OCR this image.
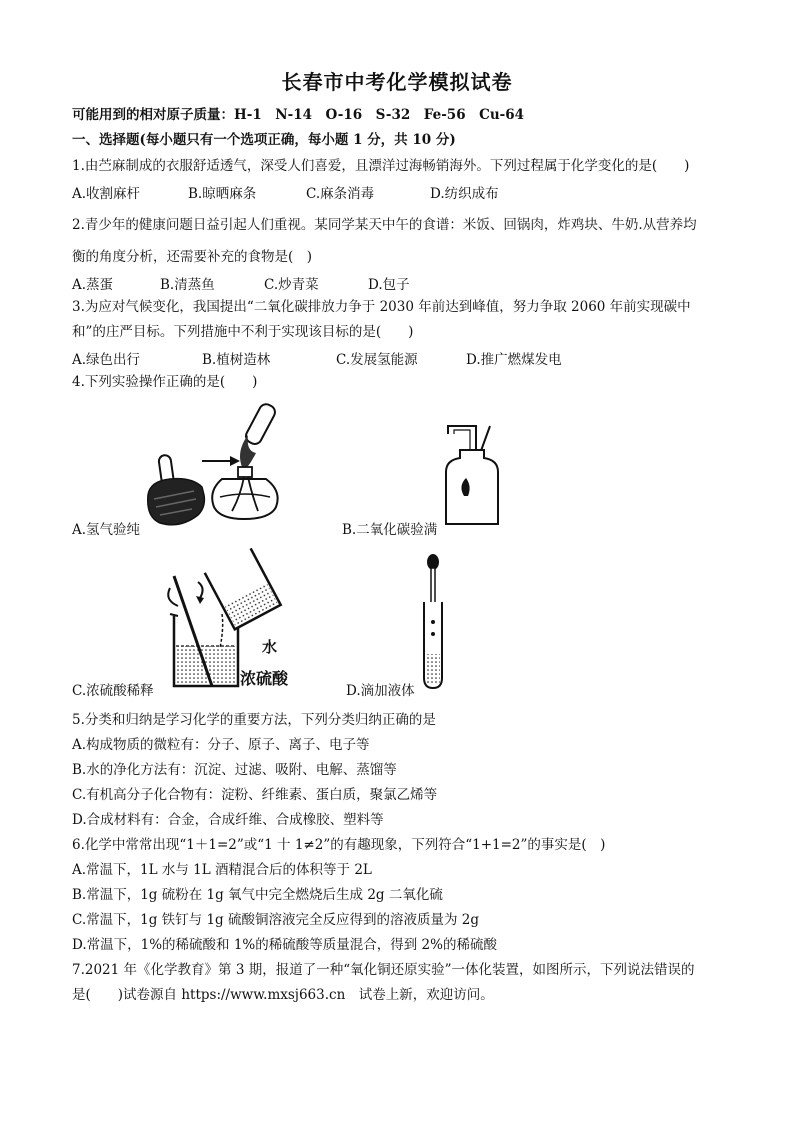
长春市中考化学模拟试卷
可能用到的相对原子质量：H-1　N-14　O-16　S-32　Fe-56　Cu-64
一、选择题(每小题只有一个选项正确，每小题 1 分，共 10 分)
1.由苎麻制成的衣服舒适透气，深受人们喜爱，且漂洋过海畅销海外。下列过程属于化学变化的是(　　)
A.收割麻杆	B.晾晒麻条	C.麻条消毒	D.纺织成布
2.青少年的健康问题日益引起人们重视。某同学某天中午的食谱：米饭、回锅肉，炸鸡块、牛奶.从营养均
衡的角度分析，还需要补充的食物是(　)
A.蒸蛋	B.清蒸鱼	C.炒青菜	D.包子
3.为应对气候变化，我国提出“二氧化碳排放力争于 2030 年前达到峰值，努力争取 2060 年前实现碳中
和”的庄严目标。下列措施中不利于实现该目标的是(　　)
A.绿色出行	B.植树造林	C.发展氢能源	D.推广燃煤发电
4.下列实验操作正确的是(　　)
A.氢气验纯	B.二氧化碳验满
水
浓硫酸
C.浓硫酸稀释	D.滴加液体
5.分类和归纳是学习化学的重要方法，下列分类归纳正确的是
A.构成物质的微粒有：分子、原子、离子、电子等
B.水的净化方法有：沉淀、过滤、吸附、电解、蒸馏等
C.有机高分子化合物有：淀粉、纤维素、蛋白质，聚氯乙烯等
D.合成材料有：合金，合成纤维、合成橡胶、塑料等
6.化学中常常出现“1＋1=2”或“1 十 1≠2”的有趣现象，下列符合“1+1=2”的事实是(　)
A.常温下，1L 水与 1L 酒精混合后的体积等于 2L
B.常温下，1g 硫粉在 1g 氧气中完全燃烧后生成 2g 二氧化硫
C.常温下，1g 铁钉与 1g 硫酸铜溶液完全反应得到的溶液质量为 2g
D.常温下，1%的稀硫酸和 1%的稀硫酸等质量混合，得到 2%的稀硫酸
7.2021 年《化学教育》第 3 期，报道了一种“氧化铜还原实验”一体化装置，如图所示，下列说法错误的
是(　　)试卷源自 https://www.mxsj663.cn　试卷上新，欢迎访问。
